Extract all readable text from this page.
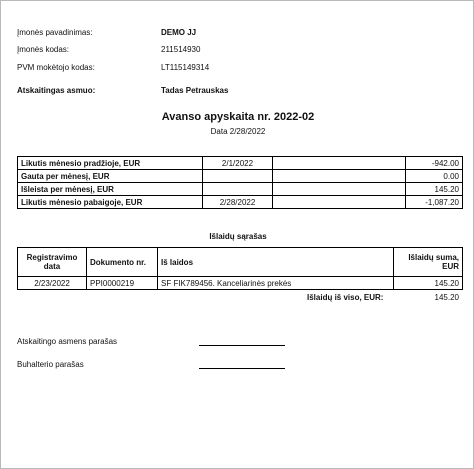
Įmonės pavadinimas:	DEMO JJ
Įmonės kodas:	211514930
PVM mokėtojo kodas:	LT115149314
Atskaitingas asmuo:	Tadas Petrauskas
Avanso apyskaita nr. 2022-02
Data 2/28/2022
Likutis mėnesio pradžioje, EUR	2/1/2022		-942.00
Gauta per mėnesį, EUR			0.00
Išleista per mėnesį, EUR			145.20
Likutis mėnesio pabaigoje, EUR	2/28/2022		-1,087.20
Išlaidų sąrašas
Registravimo data	Dokumento nr.	Iš laidos	Išlaidų suma, EUR
2/23/2022	PPI0000219	SF FIK789456. Kanceliarinės prekės	145.20
Išlaidų iš viso, EUR:	145.20
Atskaitingo asmens parašas
Buhalterio parašas
